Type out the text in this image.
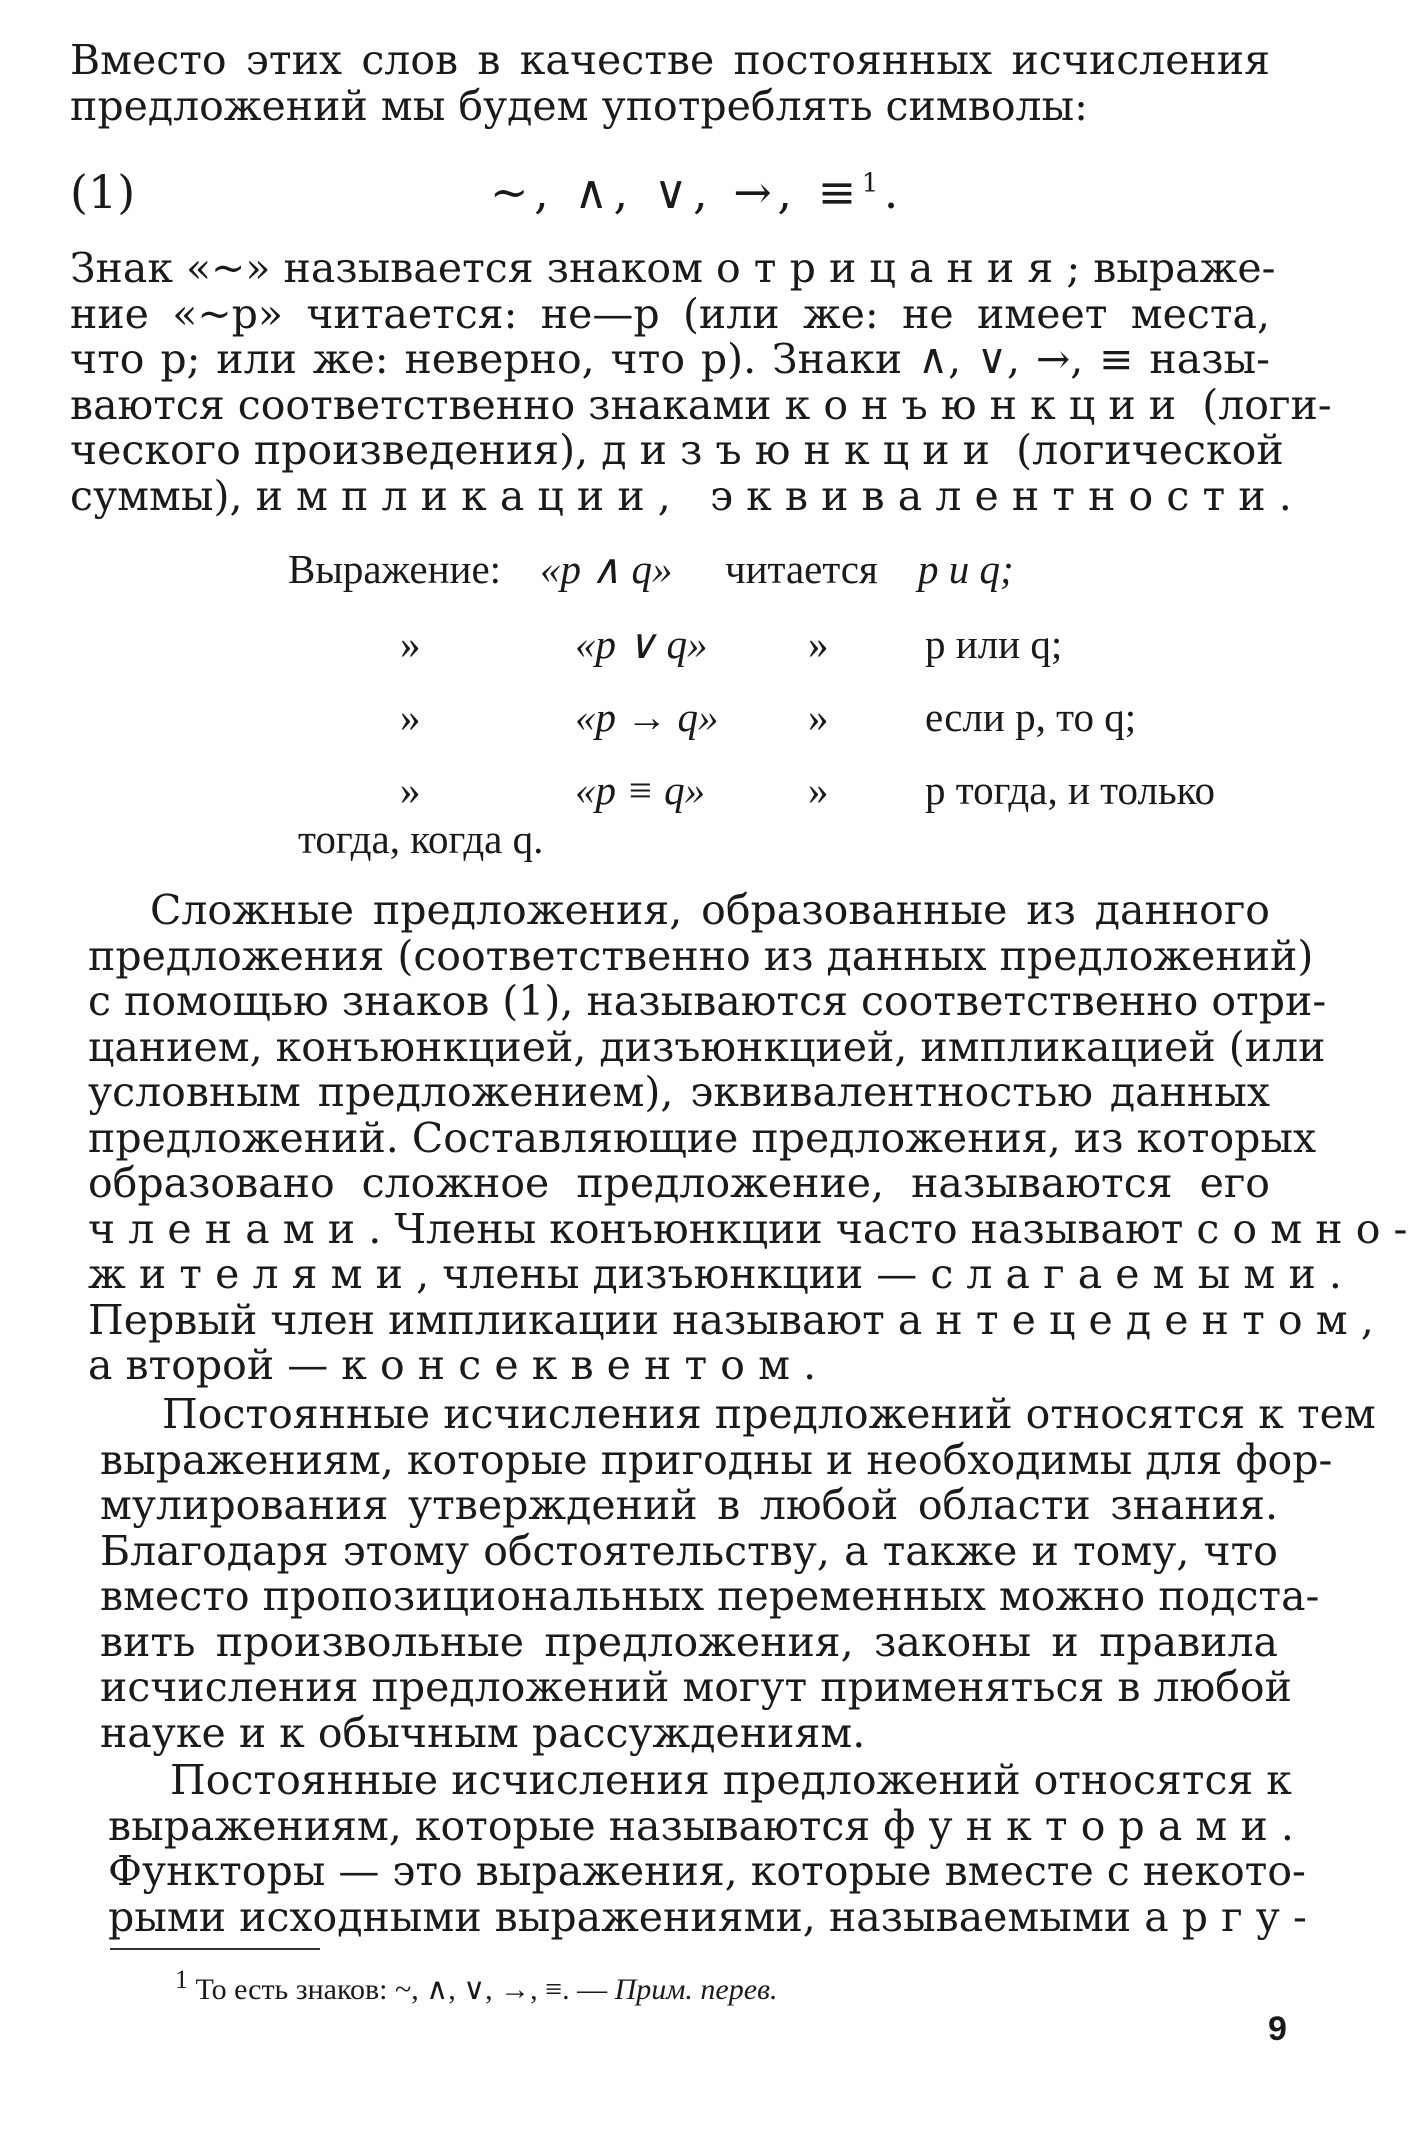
Вместо этих слов в качестве постоянных исчисления
предложений мы будем употреблять символы:
(1)	~, ∧, ∨, →, ≡$^1$.
Знак «~» называется знаком отрицания; выраже-
ние «~p» читается: не—p (или же: не имеет места,
что p; или же: неверно, что p). Знаки ∧, ∨, →, ≡ назы-
ваются соответственно знаками конъюнкции (логи-
ческого произведения), дизъюнкции (логической
суммы), импликации, эквивалентности.
Выражение: «p ∧ q» читается p и q;
»	«p ∨ q» » p или q;
»	«p → q» » если p, то q;
»	«p ≡ q»	» p тогда, и только
тогда, когда q.
Сложные предложения, образованные из данного
предложения (соответственно из данных предложений)
с помощью знаков (1), называются соответственно отри-
цанием, конъюнкцией, дизъюнкцией, импликацией (или
условным предложением), эквивалентностью данных
предложений. Составляющие предложения, из которых
образовано сложное предложение, называются его
членами. Члены конъюнкции часто называют сомно-
жителями, члены дизъюнкции — слагаемыми.
Первый член импликации называют антецедентом,
а второй — консеквентом.
Постоянные исчисления предложений относятся к тем
выражениям, которые пригодны и необходимы для фор-
мулирования утверждений в любой области знания.
Благодаря этому обстоятельству, а также и тому, что
вместо пропозициональных переменных можно подста-
вить произвольные предложения, законы и правила
исчисления предложений могут применяться в любой
науке и к обычным рассуждениям.
Постоянные исчисления предложений относятся к
выражениям, которые называются функторами.
Функторы — это выражения, которые вместе с некото-
рыми исходными выражениями, называемыми аргу-
1 То есть знаков: ~, ∧, ∨, →, ≡. — Прим. перев.
9
